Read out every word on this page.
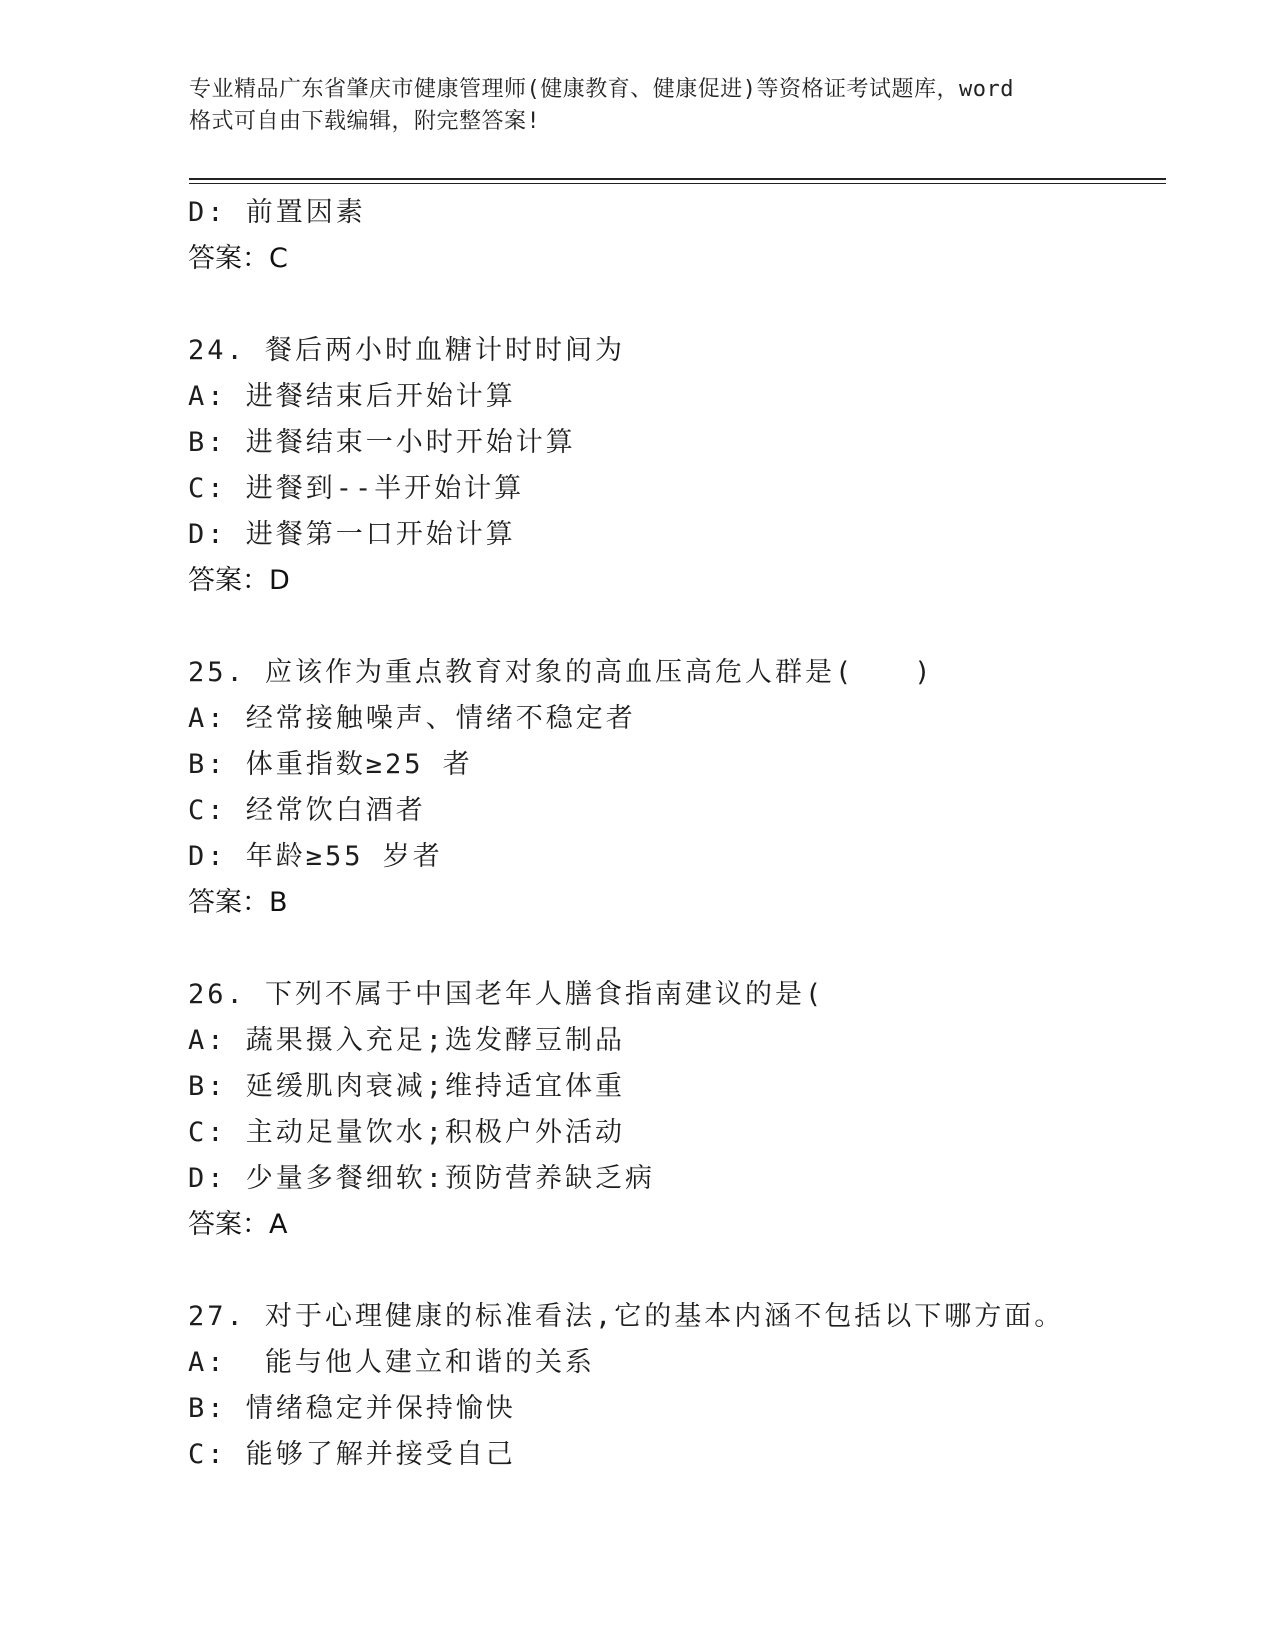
专业精品广东省肇庆市健康管理师(健康教育、健康促进)等资格证考试题库，word
格式可自由下载编辑，附完整答案!
D: 前置因素
答案：C
24. 餐后两小时血糖计时时间为
A: 进餐结束后开始计算
B: 进餐结束一小时开始计算
C: 进餐到--半开始计算
D: 进餐第一口开始计算
答案：D
25. 应该作为重点教育对象的高血压高危人群是(　　)
A: 经常接触噪声、情绪不稳定者
B: 体重指数≥25 者
C: 经常饮白酒者
D: 年龄≥55 岁者
答案：B
26. 下列不属于中国老年人膳食指南建议的是(
A: 蔬果摄入充足;选发酵豆制品
B: 延缓肌肉衰减;维持适宜体重
C: 主动足量饮水;积极户外活动
D: 少量多餐细软:预防营养缺乏病
答案：A
27. 对于心理健康的标准看法,它的基本内涵不包括以下哪方面。
A:  能与他人建立和谐的关系
B: 情绪稳定并保持愉快
C: 能够了解并接受自己
